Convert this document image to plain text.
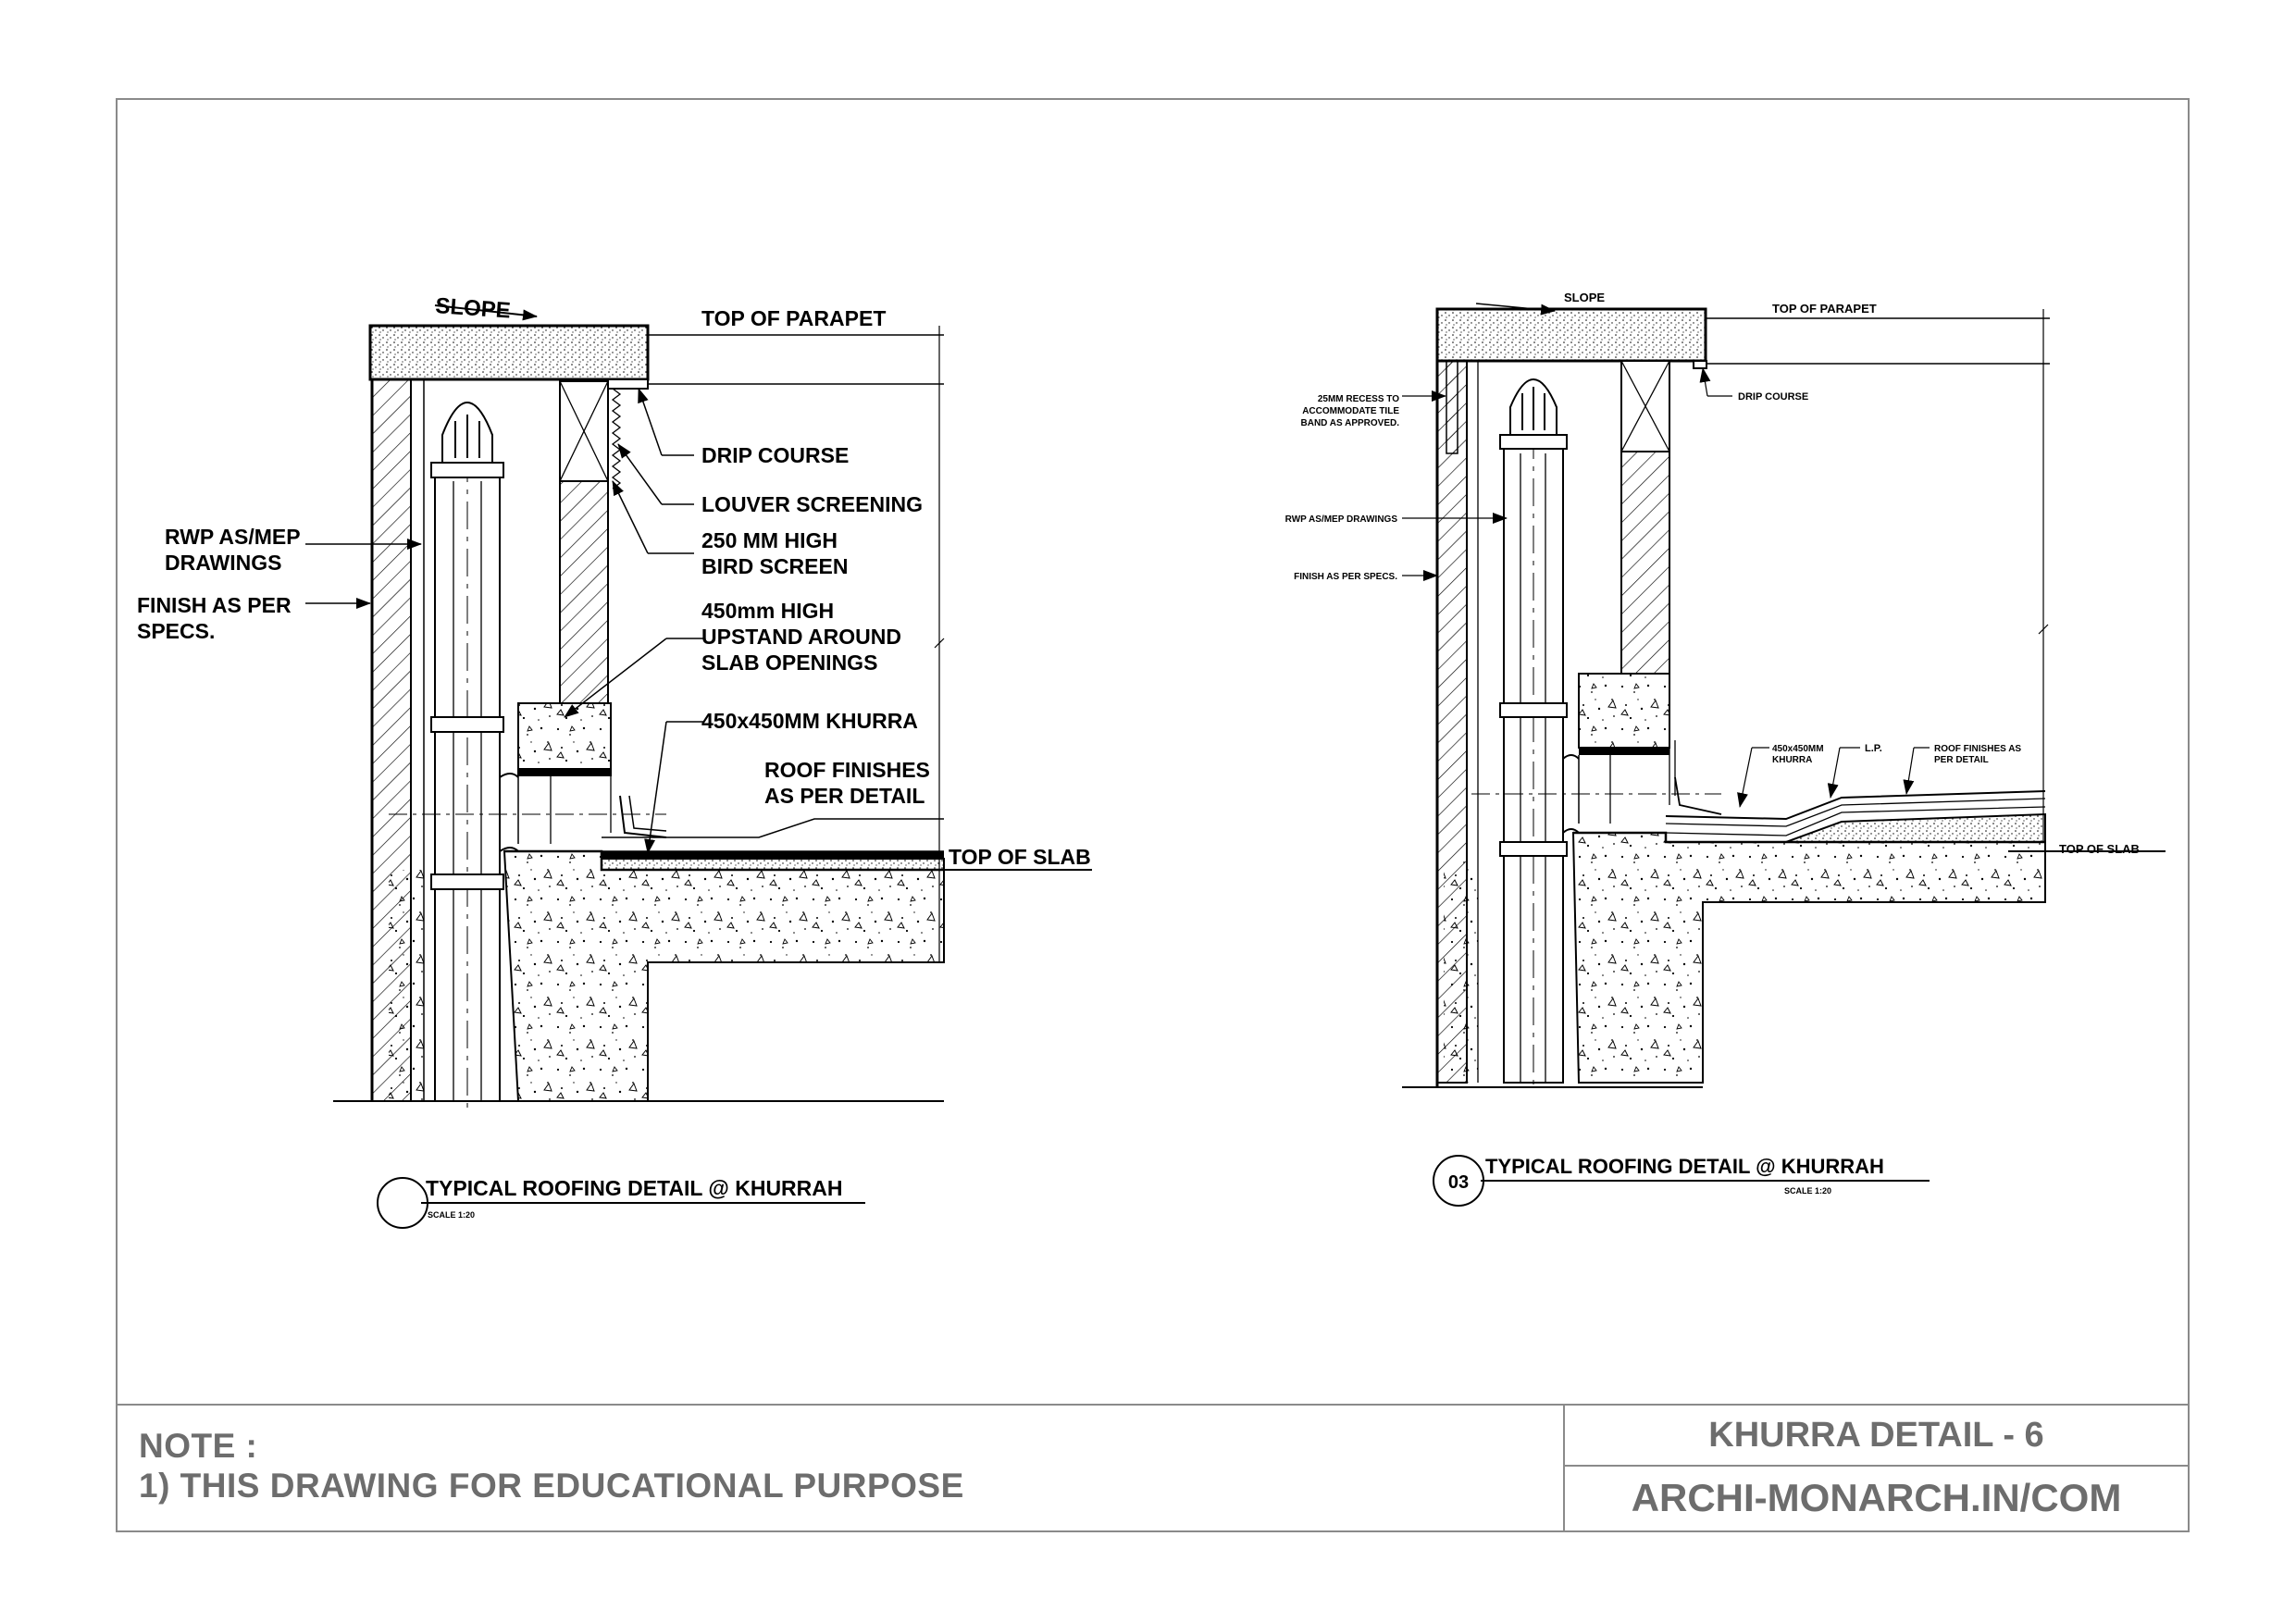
SLOPE	TOP OF PARAPET
DRIP COURSE
LOUVER SCREENING
250 MM HIGH
BIRD SCREEN
450mm HIGH
UPSTAND AROUND
SLAB OPENINGS
450x450MM KHURRA
ROOF FINISHES
AS PER DETAIL
TOP OF SLAB
RWP AS/MEP
DRAWINGS
FINISH AS PER
SPECS.
TYPICAL ROOFING DETAIL @ KHURRAH
SCALE 1:20
SLOPE
TOP OF PARAPET
DRIP COURSE
25MM RECESS TO
ACCOMMODATE TILE
BAND AS APPROVED.
RWP AS/MEP DRAWINGS
FINISH AS PER SPECS.
450x450MM
KHURRA
L.P.	ROOF FINISHES AS
PER DETAIL
TOP OF SLAB
03
TYPICAL ROOFING DETAIL @ KHURRAH
SCALE 1:20
NOTE :
1) THIS DRAWING FOR EDUCATIONAL PURPOSE
KHURRA DETAIL - 6
ARCHI-MONARCH.IN/COM
